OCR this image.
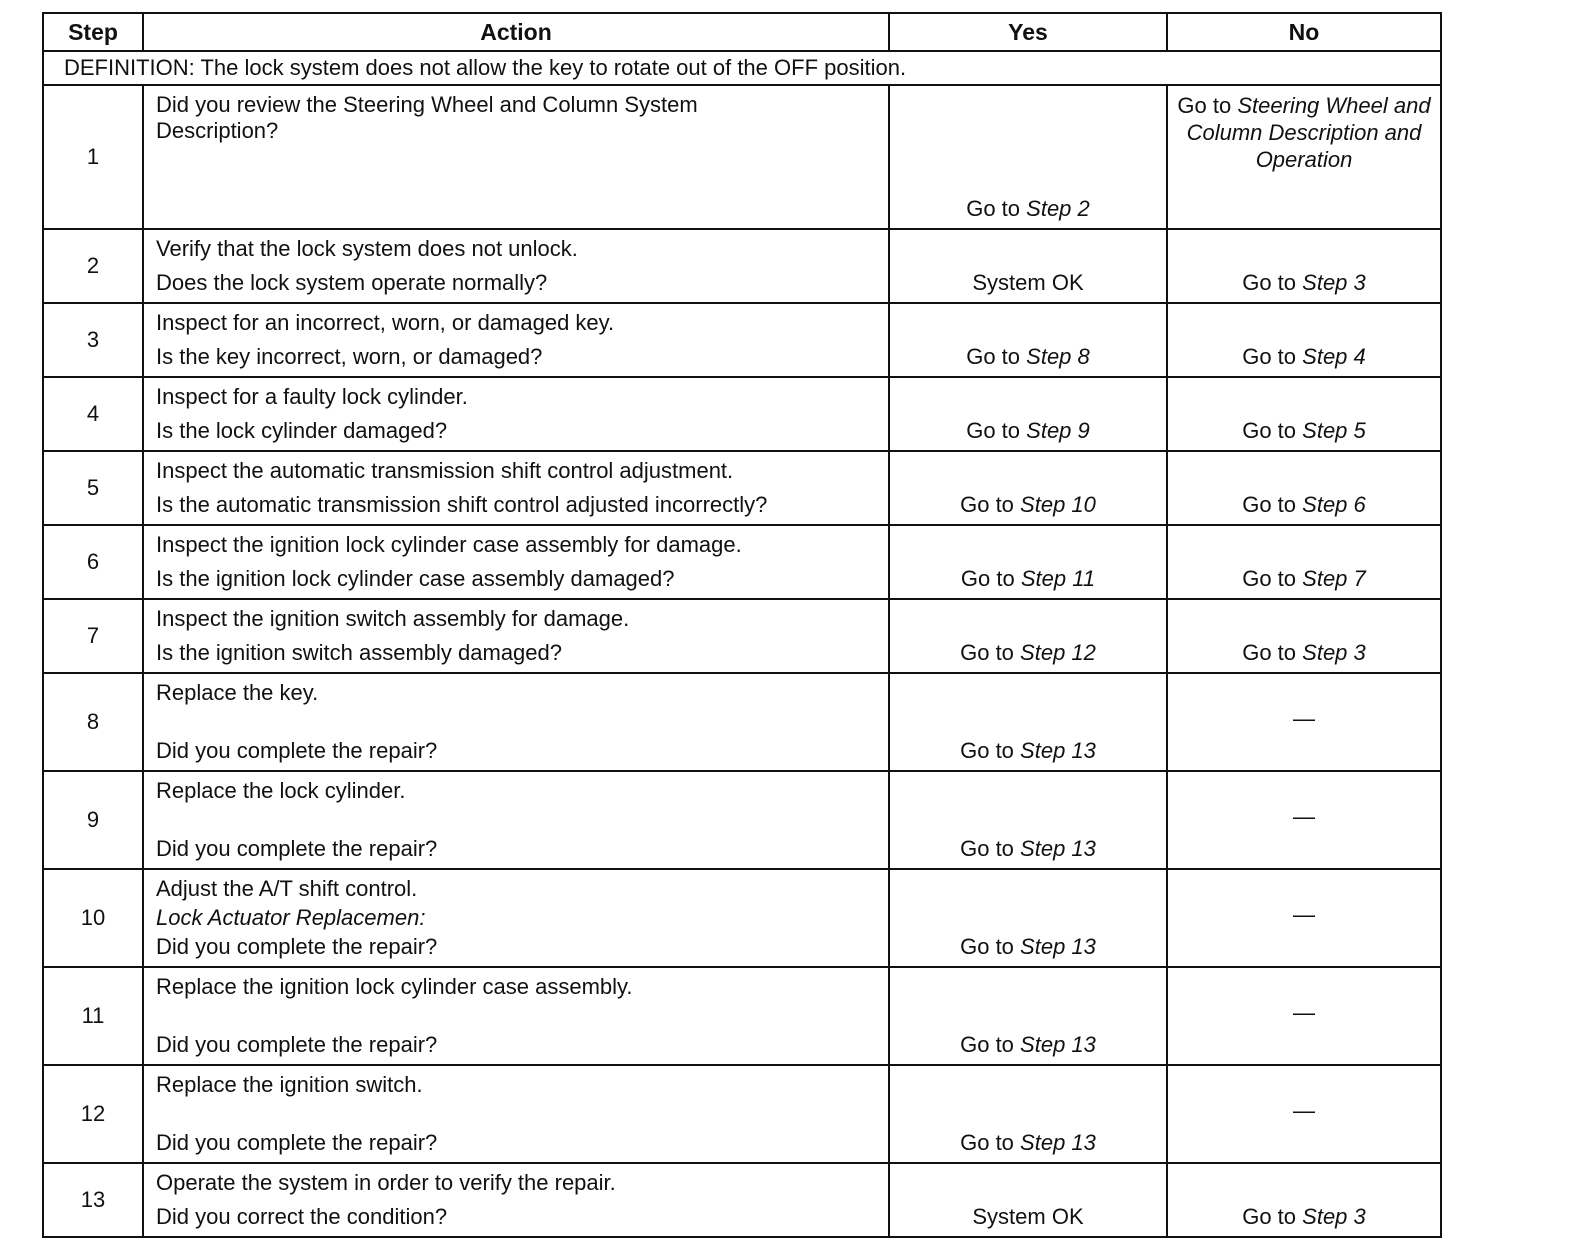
Step	Action	Yes	No
DEFINITION: The lock system does not allow the key to rotate out of the OFF position.			
1	Did you review the Steering Wheel and Column System Description?	Go to Step 2	Go to Steering Wheel and Column Description and Operation
2	Verify that the lock system does not unlock.
Does the lock system operate normally?	System OK	Go to Step 3
3	Inspect for an incorrect, worn, or damaged key.
Is the key incorrect, worn, or damaged?	Go to Step 8	Go to Step 4
4	Inspect for a faulty lock cylinder.
Is the lock cylinder damaged?	Go to Step 9	Go to Step 5
5	Inspect the automatic transmission shift control adjustment.
Is the automatic transmission shift control adjusted incorrectly?	Go to Step 10	Go to Step 6
6	Inspect the ignition lock cylinder case assembly for damage.
Is the ignition lock cylinder case assembly damaged?	Go to Step 11	Go to Step 7
7	Inspect the ignition switch assembly for damage.
Is the ignition switch assembly damaged?	Go to Step 12	Go to Step 3
8	Replace the key.
Did you complete the repair?	Go to Step 13	—
9	Replace the lock cylinder.
Did you complete the repair?	Go to Step 13	—
10	Adjust the A/T shift control.
Lock Actuator Replacemen:
Did you complete the repair?	Go to Step 13	—
11	Replace the ignition lock cylinder case assembly.
Did you complete the repair?	Go to Step 13	—
12	Replace the ignition switch.
Did you complete the repair?	Go to Step 13	—
13	Operate the system in order to verify the repair.
Did you correct the condition?	System OK	Go to Step 3
